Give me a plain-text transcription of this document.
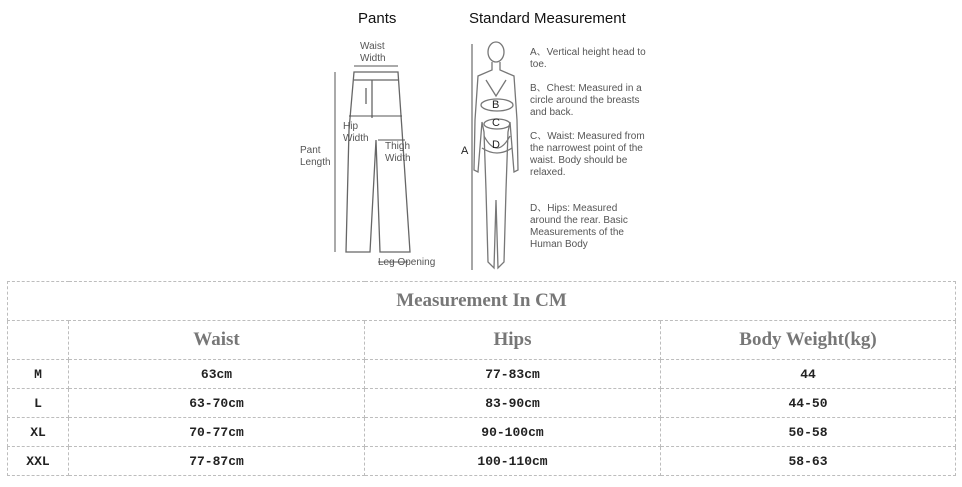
Pants	Standard Measurement
Waist
Width
Hip
Width
Pant
Length
Thigh
Width
Leg Opening
B
C
D
A
A、Vertical height head to toe.
B、Chest: Measured in a circle around the breasts and back.
C、Waist: Measured from the narrowest point of the waist. Body should be relaxed.
D、Hips: Measured around the rear. Basic Measurements of the Human Body
Measurement In CM			
	Waist	Hips	Body Weight(kg)
M	63cm	77-83cm	44
L	63-70cm	83-90cm	44-50
XL	70-77cm	90-100cm	50-58
XXL	77-87cm	100-110cm	58-63
